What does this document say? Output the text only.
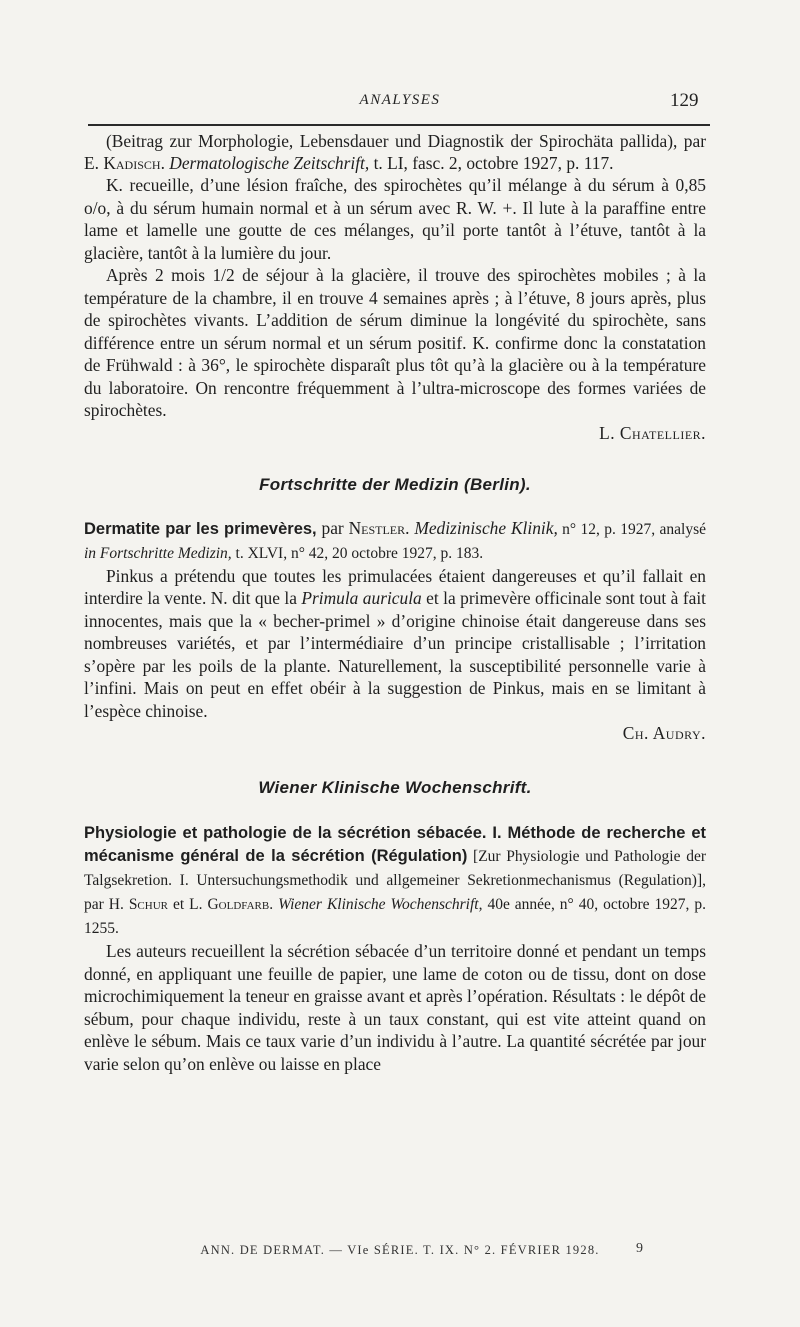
ANALYSES	129

(Beitrag zur Morphologie, Lebensdauer und Diagnostik der Spirochäta pallida), par E. Kadisch. Dermatologische Zeitschrift, t. LI, fasc. 2, octobre 1927, p. 117.

K. recueille, d’une lésion fraîche, des spirochètes qu’il mélange à du sérum à 0,85 o/o, à du sérum humain normal et à un sérum avec R. W. +. Il lute à la paraffine entre lame et lamelle une goutte de ces mélanges, qu’il porte tantôt à l’étuve, tantôt à la glacière, tantôt à la lumière du jour.

Après 2 mois 1/2 de séjour à la glacière, il trouve des spirochètes mobiles ; à la température de la chambre, il en trouve 4 semaines après ; à l’étuve, 8 jours après, plus de spirochètes vivants. L’addition de sérum diminue la longévité du spirochète, sans différence entre un sérum normal et un sérum positif. K. confirme donc la constatation de Frühwald : à 36°, le spirochète disparaît plus tôt qu’à la glacière ou à la température du laboratoire. On rencontre fréquemment à l’ultra-microscope des formes variées de spirochètes.

L. Chatellier.

Fortschritte der Medizin (Berlin).

Dermatite par les primevères, par Nestler. Medizinische Klinik, n° 12, p. 1927, analysé in Fortschritte Medizin, t. XLVI, n° 42, 20 octobre 1927, p. 183.

Pinkus a prétendu que toutes les primulacées étaient dangereuses et qu’il fallait en interdire la vente. N. dit que la Primula auricula et la primevère officinale sont tout à fait innocentes, mais que la « becher-primel » d’origine chinoise était dangereuse dans ses nombreuses variétés, et par l’intermédiaire d’un principe cristallisable ; l’irritation s’opère par les poils de la plante. Naturellement, la susceptibilité personnelle varie à l’infini. Mais on peut en effet obéir à la suggestion de Pinkus, mais en se limitant à l’espèce chinoise.

Ch. Audry.

Wiener Klinische Wochenschrift.

Physiologie et pathologie de la sécrétion sébacée. I. Méthode de recherche et mécanisme général de la sécrétion (Régulation) [Zur Physiologie und Pathologie der Talgsekretion. I. Untersuchungsmethodik und allgemeiner Sekretionmechanismus (Regulation)], par H. Schur et L. Goldfarb. Wiener Klinische Wochenschrift, 40e année, n° 40, octobre 1927, p. 1255.

Les auteurs recueillent la sécrétion sébacée d’un territoire donné et pendant un temps donné, en appliquant une feuille de papier, une lame de coton ou de tissu, dont on dose microchimiquement la teneur en graisse avant et après l’opération. Résultats : le dépôt de sébum, pour chaque individu, reste à un taux constant, qui est vite atteint quand on enlève le sébum. Mais ce taux varie d’un individu à l’autre. La quantité sécrétée par jour varie selon qu’on enlève ou laisse en place

ANN. DE DERMAT. — VIe SÉRIE. T. IX. N° 2. FÉVRIER 1928.	9
